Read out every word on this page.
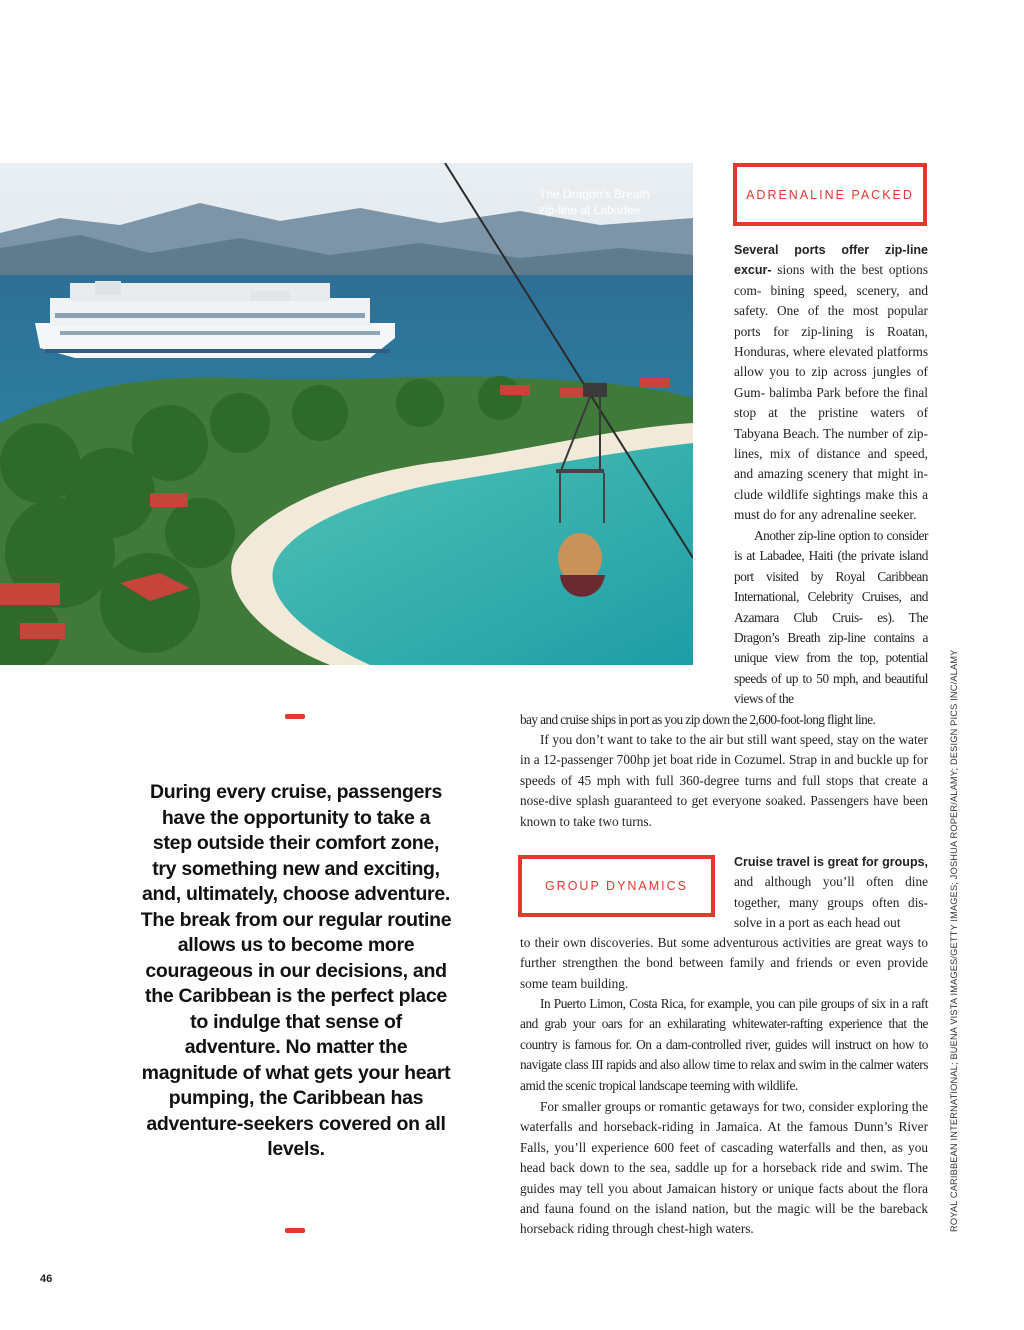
The Dragon’s Breath
zip-line at Labadee
ADRENALINE PACKED
Several ports offer zip-line excur- sions with the best options com- bining speed, scenery, and safety. One of the most popular ports for zip-lining is Roatan, Honduras, where elevated platforms allow you to zip across jungles of Gum- balimba Park before the final stop at the pristine waters of Tabyana Beach. The number of zip-lines, mix of distance and speed, and amazing scenery that might in- clude wildlife sightings make this a must do for any adrenaline seeker.
Another zip-line option to consider is at Labadee, Haiti (the private island port visited by Royal Caribbean International, Celebrity Cruises, and Azamara Club Cruis- es). The Dragon’s Breath zip-line contains a unique view from the top, potential speeds of up to 50 mph, and beautiful views of the
bay and cruise ships in port as you zip down the 2,600-foot-long flight line.
If you don’t want to take to the air but still want speed, stay on the water in a 12-passenger 700hp jet boat ride in Cozumel. Strap in and buckle up for speeds of 45 mph with full 360-degree turns and full stops that create a nose-dive splash guaranteed to get everyone soaked. Passengers have been known to take two turns.
GROUP DYNAMICS
Cruise travel is great for groups, and although you’ll often dine together, many groups often dis- solve in a port as each head out
to their own discoveries. But some adventurous activities are great ways to further strengthen the bond between family and friends or even provide some team building.
In Puerto Limon, Costa Rica, for example, you can pile groups of six in a raft and grab your oars for an exhilarating whitewater-rafting experience that the country is famous for. On a dam-controlled river, guides will instruct on how to navigate class III rapids and also allow time to relax and swim in the calmer waters amid the scenic tropical landscape teeming with wildlife.
For smaller groups or romantic getaways for two, consider exploring the waterfalls and horseback-riding in Jamaica. At the famous Dunn’s River Falls, you’ll experience 600 feet of cascading waterfalls and then, as you head back down to the sea, saddle up for a horseback ride and swim. The guides may tell you about Jamaican history or unique facts about the flora and fauna found on the island nation, but the magic will be the bareback horseback riding through chest-high waters.
During every cruise, passengers have the opportunity to take a step outside their comfort zone, try something new and exciting, and, ultimately, choose adventure. The break from our regular routine allows us to become more courageous in our decisions, and the Caribbean is the perfect place to indulge that sense of adventure. No matter the magnitude of what gets your heart pumping, the Caribbean has adventure-seekers covered on all levels.
46
ROYAL CARIBBEAN INTERNATIONAL; BUENA VISTA IMAGES/GETTY IMAGES; JOSHUA ROPER/ALAMY; DESIGN PICS INC/ALAMY
